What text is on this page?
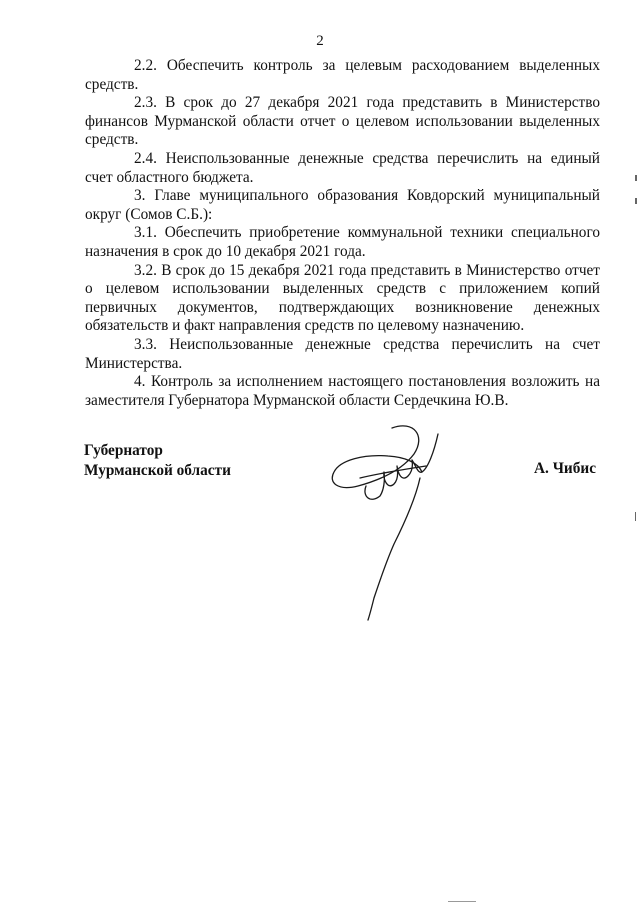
2

2.2. Обеспечить контроль за целевым расходованием выделенных средств.

2.3. В срок до 27 декабря 2021 года представить в Министерство финансов Мурманской области отчет о целевом использовании выделенных средств.

2.4. Неиспользованные денежные средства перечислить на единый счет областного бюджета.

3. Главе муниципального образования Ковдорский муниципальный округ (Сомов С.Б.):

3.1. Обеспечить приобретение коммунальной техники специального назначения в срок до 10 декабря 2021 года.

3.2. В срок до 15 декабря 2021 года представить в Министерство отчет о целевом использовании выделенных средств с приложением копий первичных документов, подтверждающих возникновение денежных обязательств и факт направления средств по целевому назначению.

3.3. Неиспользованные денежные средства перечислить на счет Министерства.

4. Контроль за исполнением настоящего постановления возложить на заместителя Губернатора Мурманской области Сердечкина Ю.В.

Губернатор
Мурманской области	А. Чибис
